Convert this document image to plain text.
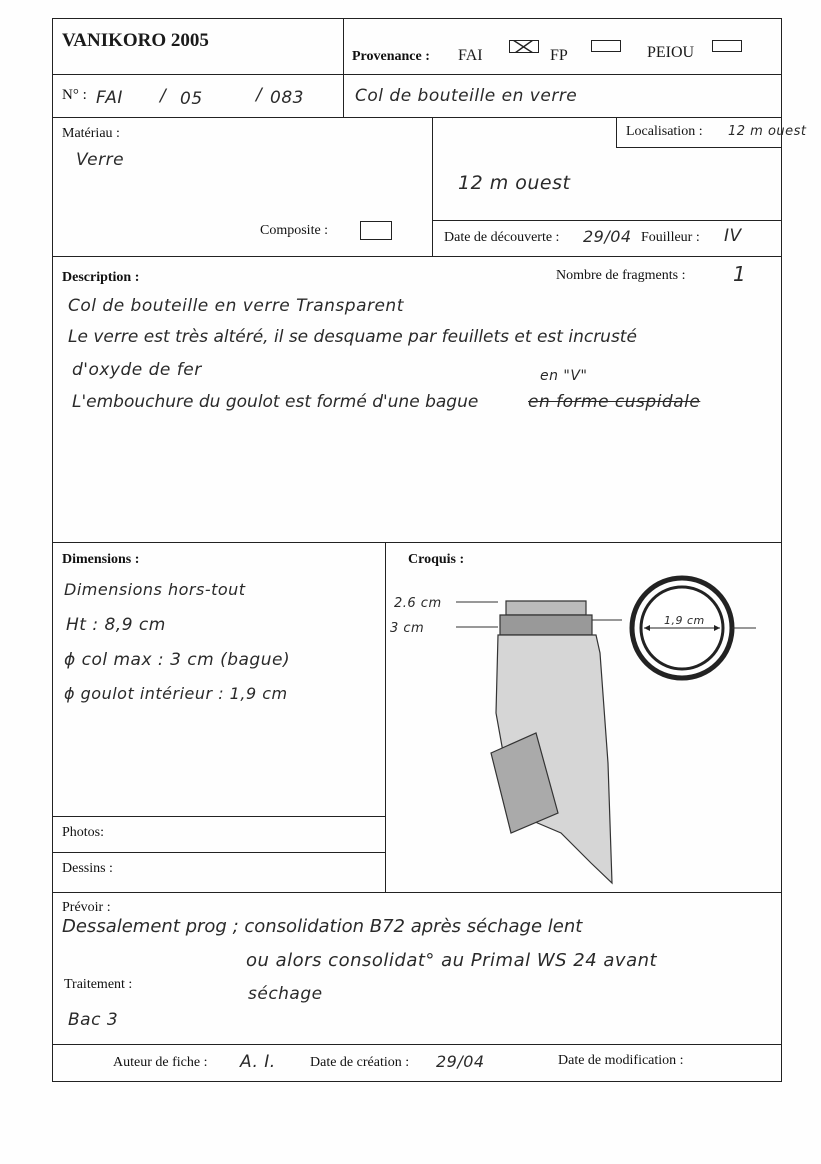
VANIKORO 2005
Provenance : FAI	FP	PEIOU
N° : FAI / 05	/ 083	Col de bouteille en verre
Matériau :
Verre
Composite :
Localisation : 12 m ouest
12 m ouest
Date de découverte : 29/04 Fouilleur : IV
Description :	Nombre de fragments : 1
Col de bouteille en verre Transparent
Le verre est très altéré, il se desquame par feuillets et est incrusté
d'oxyde de fer
L'embouchure du goulot est formé d'une bague	en forme cuspidale
en "V"
Dimensions :
Dimensions hors-tout
Ht : 8,9 cm
ϕ col max : 3 cm (bague)
ϕ goulot intérieur : 1,9 cm
Photos:
Dessins :
Croquis :
2.6 cm
3 cm
1,9 cm
Prévoir :
Dessalement prog ; consolidation B72 après séchage lent
ou alors consolidat° au Primal WS 24 avant
séchage
Traitement :
Bac 3
Auteur de fiche : A. I. Date de création : 29/04	Date de modification :
